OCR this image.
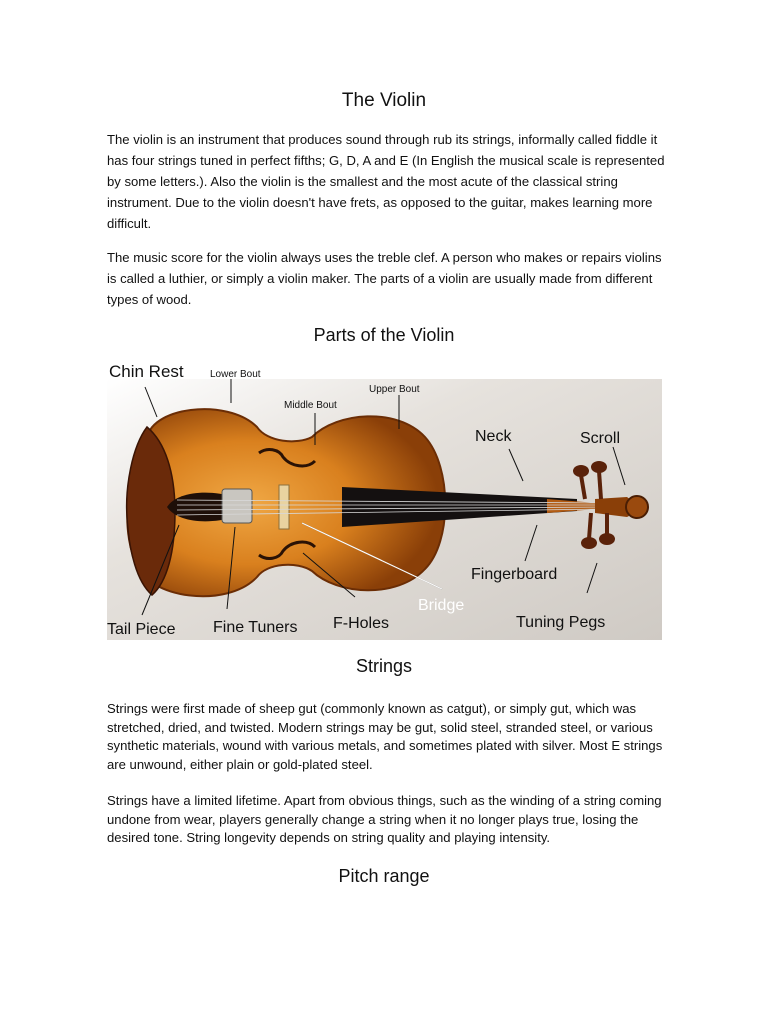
The Violin

The violin is an instrument that produces sound through rub its strings, informally called fiddle it has four strings tuned in perfect fifths; G, D, A and E (In English the musical scale is represented by some letters.). Also the violin is the smallest and the most acute of the classical string instrument. Due to the violin doesn't have frets, as opposed to the guitar, makes learning more difficult.

The music score for the violin always uses the treble clef. A person who makes or repairs violins is called a luthier, or simply a violin maker. The parts of a violin are usually made from different types of wood.

Parts of the Violin
Chin Rest	Lower Bout
Middle Bout
Upper Bout
Neck	Scroll
Fingerboard
Bridge
Tail Piece Fine Tuners F-Holes	Tuning Pegs
Strings

Strings were first made of sheep gut (commonly known as catgut), or simply gut, which was stretched, dried, and twisted. Modern strings may be gut, solid steel, stranded steel, or various synthetic materials, wound with various metals, and sometimes plated with silver. Most E strings are unwound, either plain or gold-plated steel.

Strings have a limited lifetime. Apart from obvious things, such as the winding of a string coming undone from wear, players generally change a string when it no longer plays true, losing the desired tone. String longevity depends on string quality and playing intensity.

Pitch range
